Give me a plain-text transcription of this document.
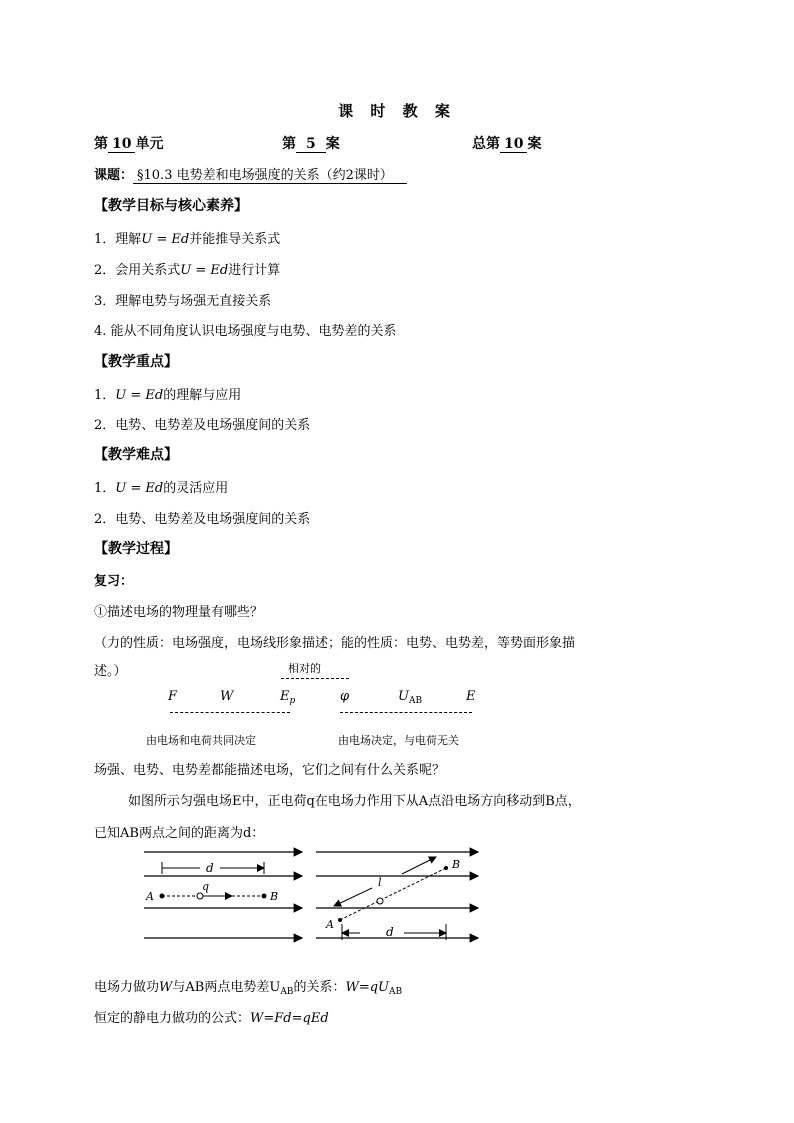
课 时 教 案
第 10 单元	第 5 案	总第 10 案
课题： §10.3 电势差和电场强度的关系（约2课时）
【教学目标与核心素养】
1．理解U = Ed并能推导关系式
2．会用关系式U = Ed进行计算
3．理解电势与场强无直接关系
4. 能从不同角度认识电场强度与电势、电势差的关系
【教学重点】
1．U = Ed的理解与应用
2．电势、电势差及电场强度间的关系
【教学难点】
1．U = Ed的灵活应用
2．电势、电势差及电场强度间的关系
【教学过程】
复习：
①描述电场的物理量有哪些？
（力的性质：电场强度，电场线形象描述；能的性质：电势、电势差，等势面形象描
述。）	相对的
F	W	$E_p$	φ	$U_{AB}$	E
由电场和电荷共同决定	由电场决定，与电荷无关
场强、电势、电势差都能描述电场，它们之间有什么关系呢？
如图所示匀强电场E中，正电荷q在电场力作用下从A点沿电场方向移动到B点，
已知AB两点之间的距离为d：
d
q
A	B
l
d
A
B
电场力做功W与AB两点电势差$U_{AB}$的关系：$W=qU_{AB}$
恒定的静电力做功的公式：W=Fd=qEd
